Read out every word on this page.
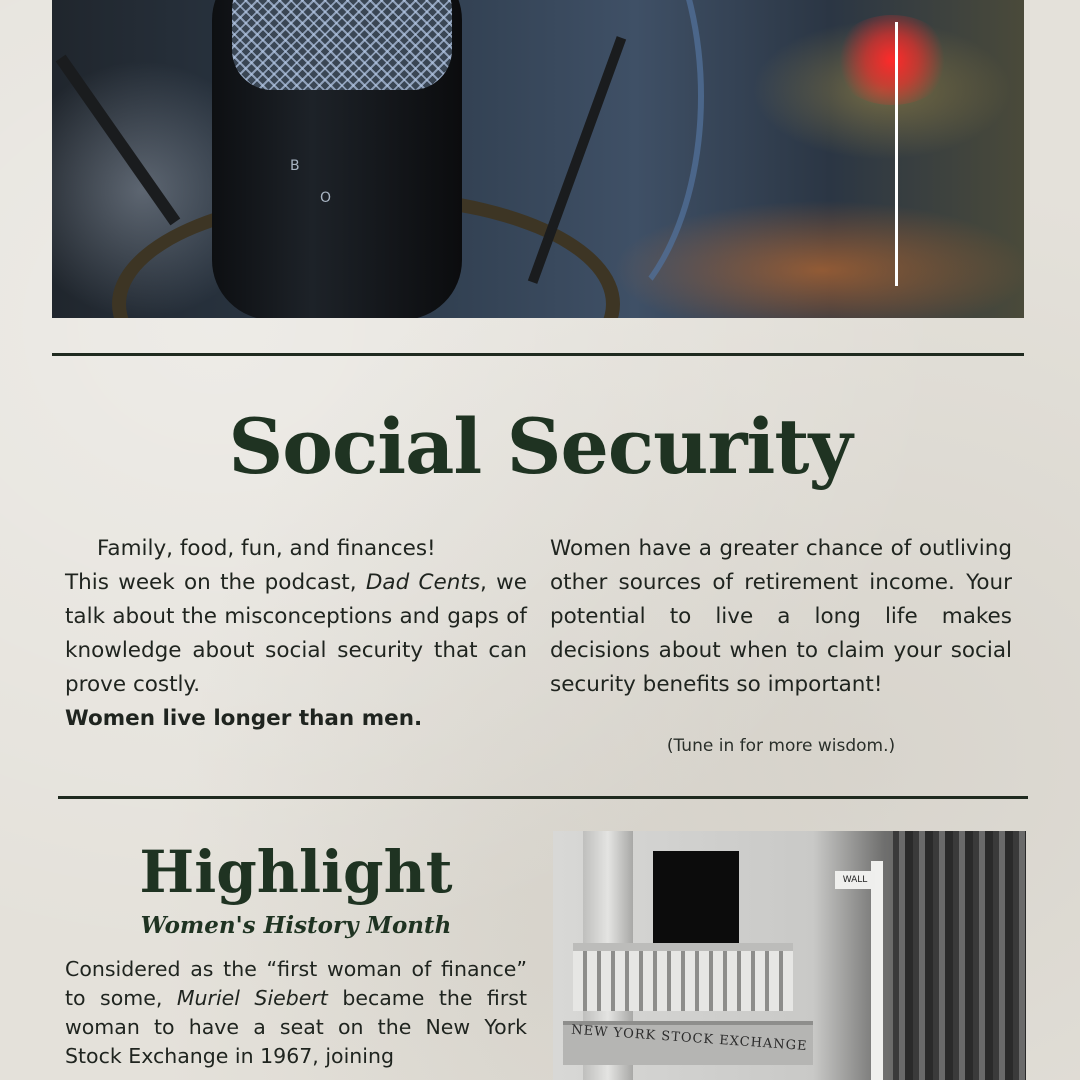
B
O
Social Security

Family, food, fun, and finances!

This week on the podcast, Dad Cents, we talk about the misconceptions and gaps of knowledge about social security that can prove costly.

Women live longer than men.

Women have a greater chance of outliving other sources of retirement income. Your potential to live a long life makes decisions about when to claim your social security benefits so important!

(Tune in for more wisdom.)
Highlight
Women's History Month

Considered as the “first woman of finance” to some, Muriel Siebert became the first woman to have a seat on the New York Stock Exchange in 1967, joining

NEW YORK STOCK EXCHANGE
WALL
